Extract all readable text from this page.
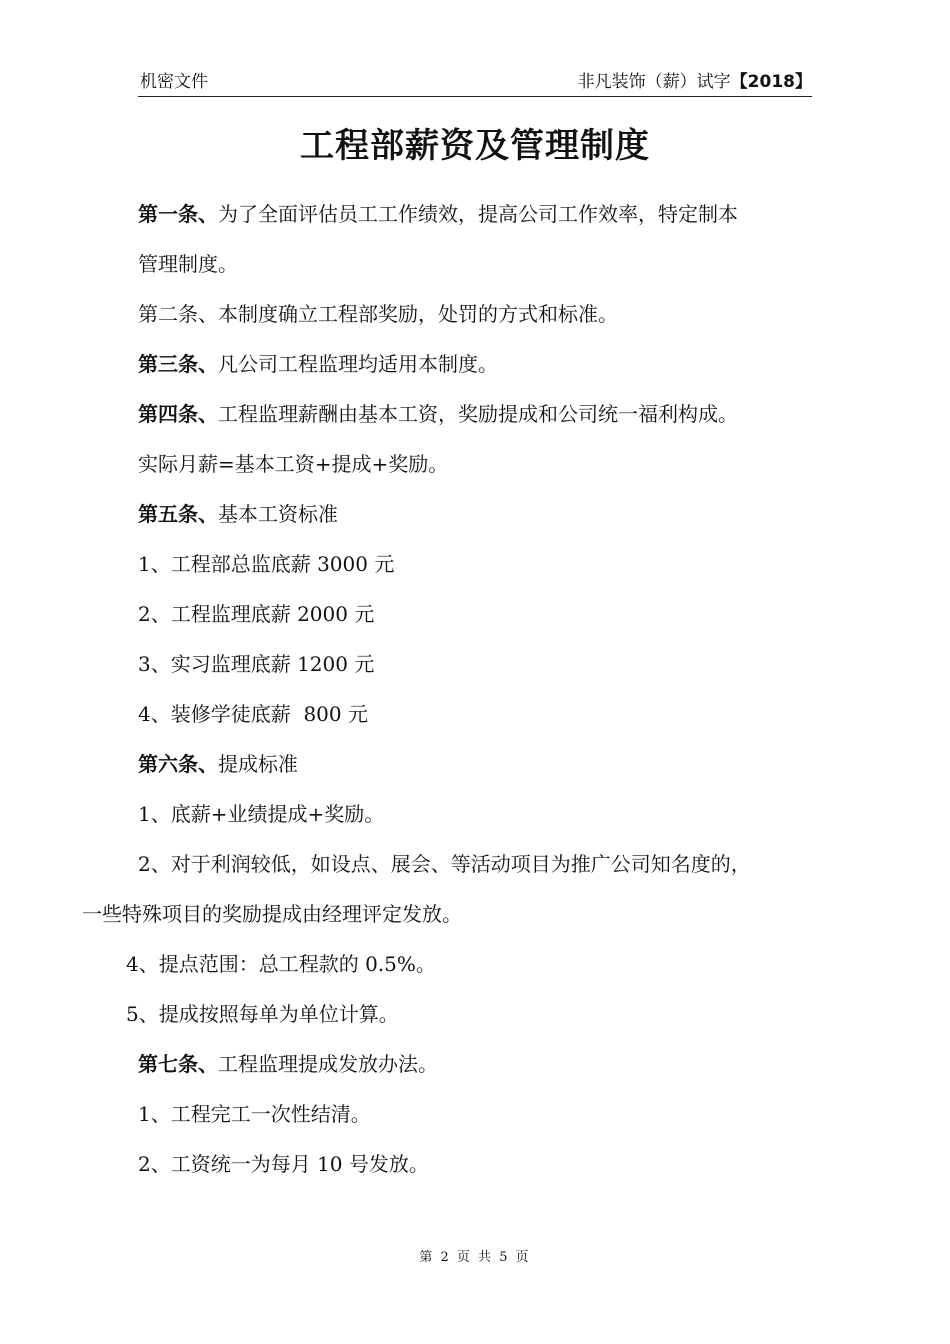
机密文件	非凡装饰（薪）试字【2018】
工程部薪资及管理制度
第一条、为了全面评估员工工作绩效，提高公司工作效率，特定制本
管理制度。
第二条、本制度确立工程部奖励，处罚的方式和标准。
第三条、凡公司工程监理均适用本制度。
第四条、工程监理薪酬由基本工资，奖励提成和公司统一福利构成。
实际月薪=基本工资+提成+奖励。
第五条、基本工资标准
1、工程部总监底薪 3000 元
2、工程监理底薪 2000 元
3、实习监理底薪 1200 元
4、装修学徒底薪  800 元
第六条、提成标准
1、底薪+业绩提成+奖励。
2、对于利润较低，如设点、展会、等活动项目为推广公司知名度的，
一些特殊项目的奖励提成由经理评定发放。
4、提点范围：总工程款的 0.5%。
5、提成按照每单为单位计算。
第七条、工程监理提成发放办法。
1、工程完工一次性结清。
2、工资统一为每月 10 号发放。
第 2 页 共 5 页
